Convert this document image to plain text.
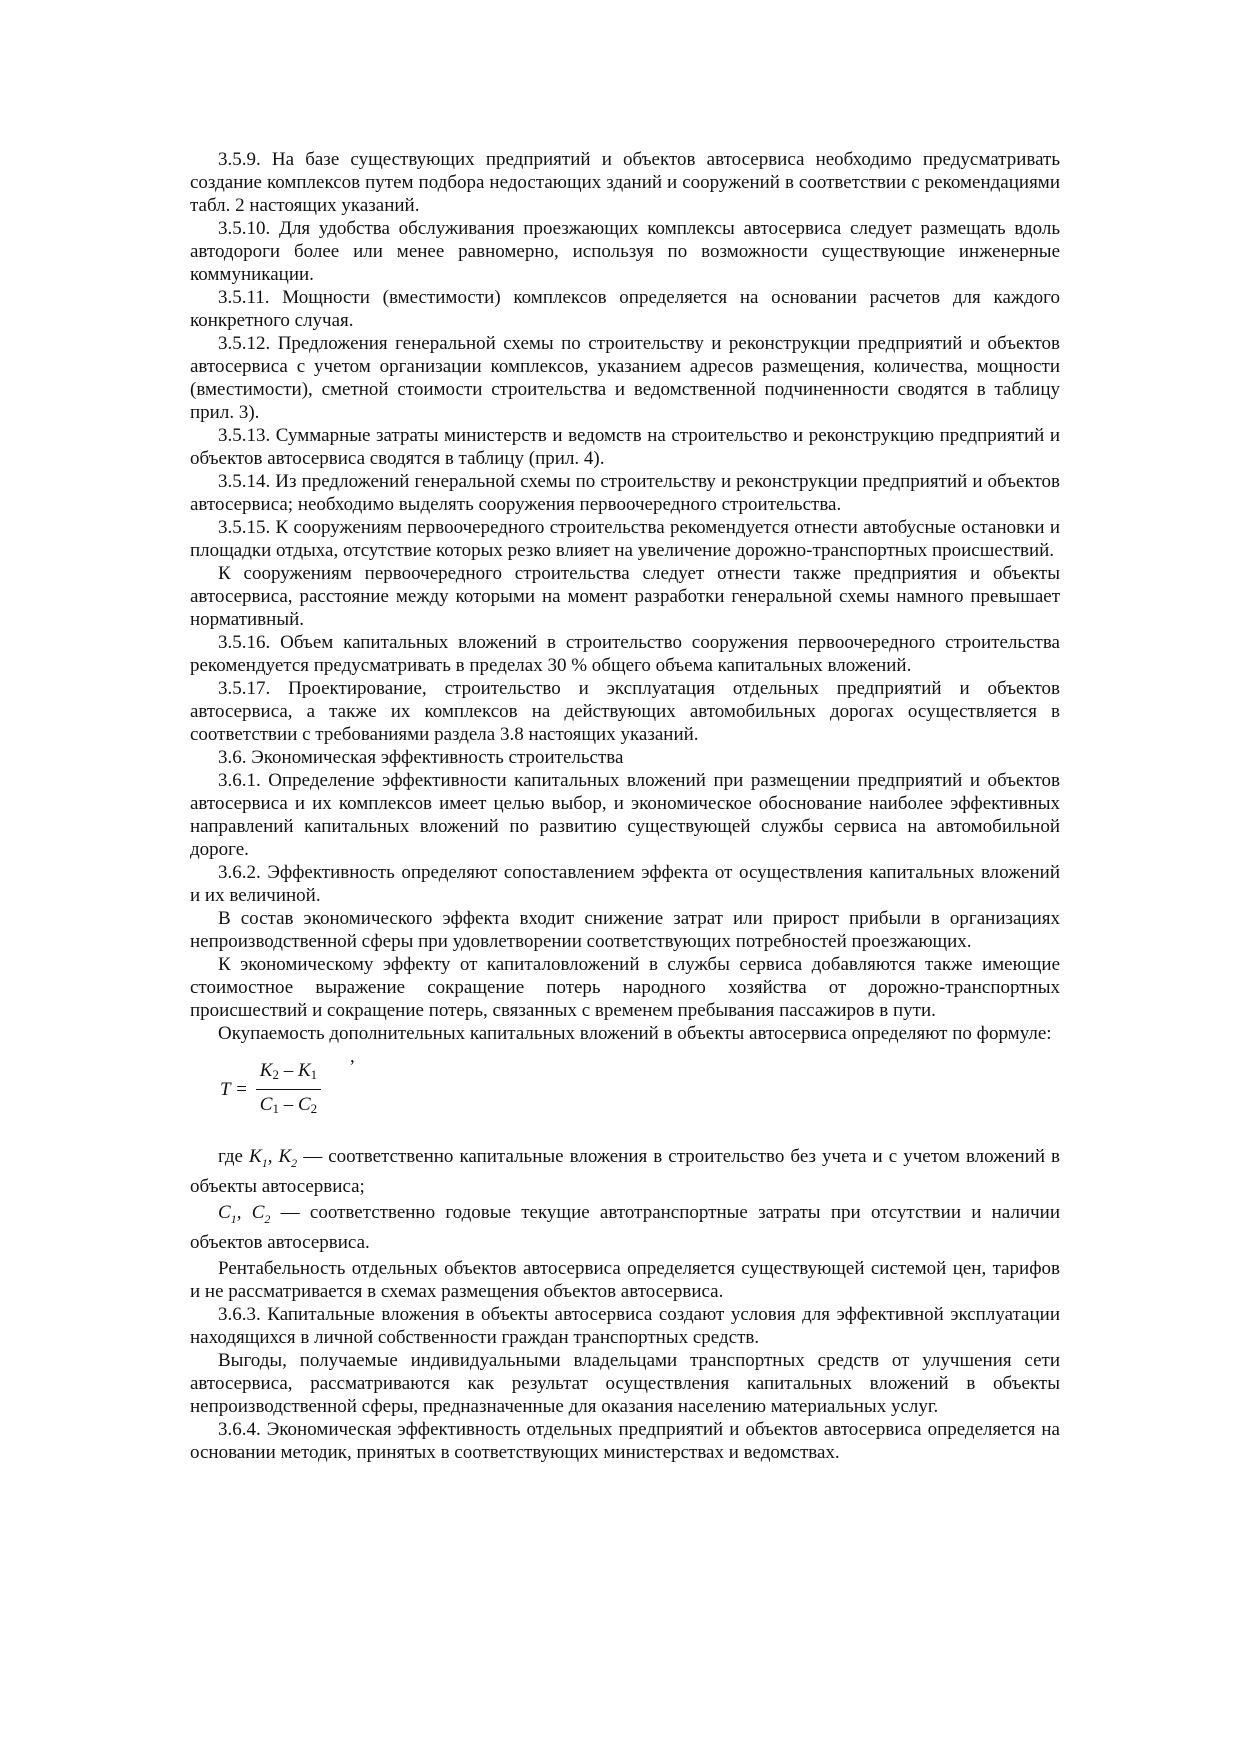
3.5.9. На базе существующих предприятий и объектов автосервиса необходимо предусматривать создание комплексов путем подбора недостающих зданий и сооружений в соответствии с рекомендациями табл. 2 настоящих указаний.

3.5.10. Для удобства обслуживания проезжающих комплексы автосервиса следует размещать вдоль автодороги более или менее равномерно, используя по возможности существующие инженерные коммуникации.

3.5.11. Мощности (вместимости) комплексов определяется на основании расчетов для каждого конкретного случая.

3.5.12. Предложения генеральной схемы по строительству и реконструкции предприятий и объектов автосервиса с учетом организации комплексов, указанием адресов размещения, количества, мощности (вместимости), сметной стоимости строительства и ведомственной подчиненности сводятся в таблицу прил. 3).

3.5.13. Суммарные затраты министерств и ведомств на строительство и реконструкцию предприятий и объектов автосервиса сводятся в таблицу (прил. 4).

3.5.14. Из предложений генеральной схемы по строительству и реконструкции предприятий и объектов автосервиса; необходимо выделять сооружения первоочередного строительства.

3.5.15. К сооружениям первоочередного строительства рекомендуется отнести автобусные остановки и площадки отдыха, отсутствие которых резко влияет на увеличение дорожно-транспортных происшествий.

К сооружениям первоочередного строительства следует отнести также предприятия и объекты автосервиса, расстояние между которыми на момент разработки генеральной схемы намного превышает нормативный.

3.5.16. Объем капитальных вложений в строительство сооружения первоочередного строительства рекомендуется предусматривать в пределах 30 % общего объема капитальных вложений.

3.5.17. Проектирование, строительство и эксплуатация отдельных предприятий и объектов автосервиса, а также их комплексов на действующих автомобильных дорогах осуществляется в соответствии с требованиями раздела 3.8 настоящих указаний.

3.6. Экономическая эффективность строительства

3.6.1. Определение эффективности капитальных вложений при размещении предприятий и объектов автосервиса и их комплексов имеет целью выбор, и экономическое обоснование наиболее эффективных направлений капитальных вложений по развитию существующей службы сервиса на автомобильной дороге.

3.6.2. Эффективность определяют сопоставлением эффекта от осуществления капитальных вложений и их величиной.

В состав экономического эффекта входит снижение затрат или прирост прибыли в организациях непроизводственной сферы при удовлетворении соответствующих потребностей проезжающих.

К экономическому эффекту от капиталовложений в службы сервиса добавляются также имеющие стоимостное выражение сокращение потерь народного хозяйства от дорожно-транспортных происшествий и сокращение потерь, связанных с временем пребывания пассажиров в пути.

Окупаемость дополнительных капитальных вложений в объекты автосервиса определяют по формуле:

,
$T = \frac{K_2 - K_1}{C_1 - C_2}$

где $K_1$, $K_2$ — соответственно капитальные вложения в строительство без учета и с учетом вложений в объекты автосервиса;

$C_1$, $C_2$ — соответственно годовые текущие автотранспортные затраты при отсутствии и наличии объектов автосервиса.

Рентабельность отдельных объектов автосервиса определяется существующей системой цен, тарифов и не рассматривается в схемах размещения объектов автосервиса.

3.6.3. Капитальные вложения в объекты автосервиса создают условия для эффективной эксплуатации находящихся в личной собственности граждан транспортных средств.

Выгоды, получаемые индивидуальными владельцами транспортных средств от улучшения сети автосервиса, рассматриваются как результат осуществления капитальных вложений в объекты непроизводственной сферы, предназначенные для оказания населению материальных услуг.

3.6.4. Экономическая эффективность отдельных предприятий и объектов автосервиса определяется на основании методик, принятых в соответствующих министерствах и ведомствах.
